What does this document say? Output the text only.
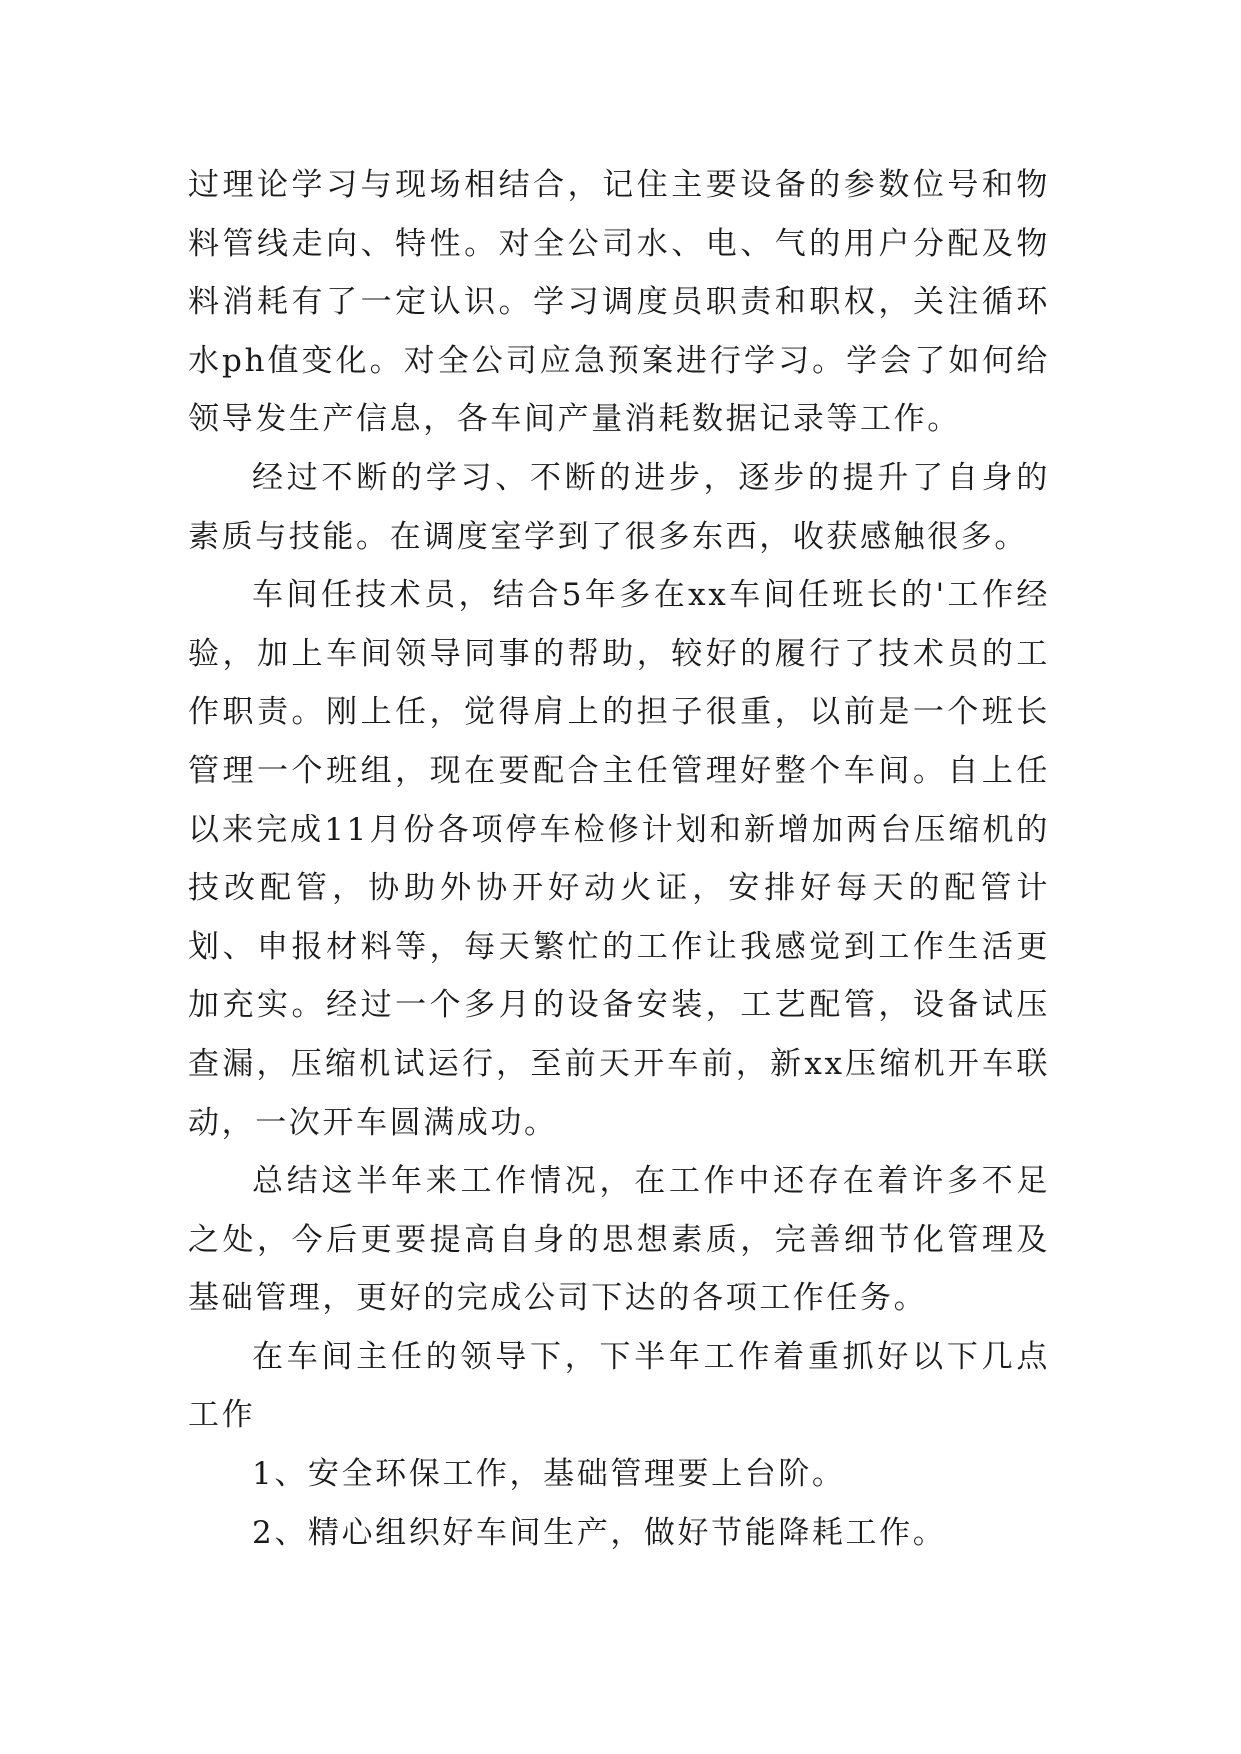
过理论学习与现场相结合，记住主要设备的参数位号和物料管线走向、特性。对全公司水、电、气的用户分配及物料消耗有了一定认识。学习调度员职责和职权，关注循环水ph值变化。对全公司应急预案进行学习。学会了如何给领导发生产信息，各车间产量消耗数据记录等工作。

经过不断的学习、不断的进步，逐步的提升了自身的素质与技能。在调度室学到了很多东西，收获感触很多。

车间任技术员，结合5年多在xx车间任班长的'工作经验，加上车间领导同事的帮助，较好的履行了技术员的工作职责。刚上任，觉得肩上的担子很重，以前是一个班长管理一个班组，现在要配合主任管理好整个车间。自上任以来完成11月份各项停车检修计划和新增加两台压缩机的技改配管，协助外协开好动火证，安排好每天的配管计划、申报材料等，每天繁忙的工作让我感觉到工作生活更加充实。经过一个多月的设备安装，工艺配管，设备试压查漏，压缩机试运行，至前天开车前，新xx压缩机开车联动，一次开车圆满成功。

总结这半年来工作情况，在工作中还存在着许多不足之处，今后更要提高自身的思想素质，完善细节化管理及基础管理，更好的完成公司下达的各项工作任务。

在车间主任的领导下，下半年工作着重抓好以下几点工作

1、安全环保工作，基础管理要上台阶。

2、精心组织好车间生产，做好节能降耗工作。
